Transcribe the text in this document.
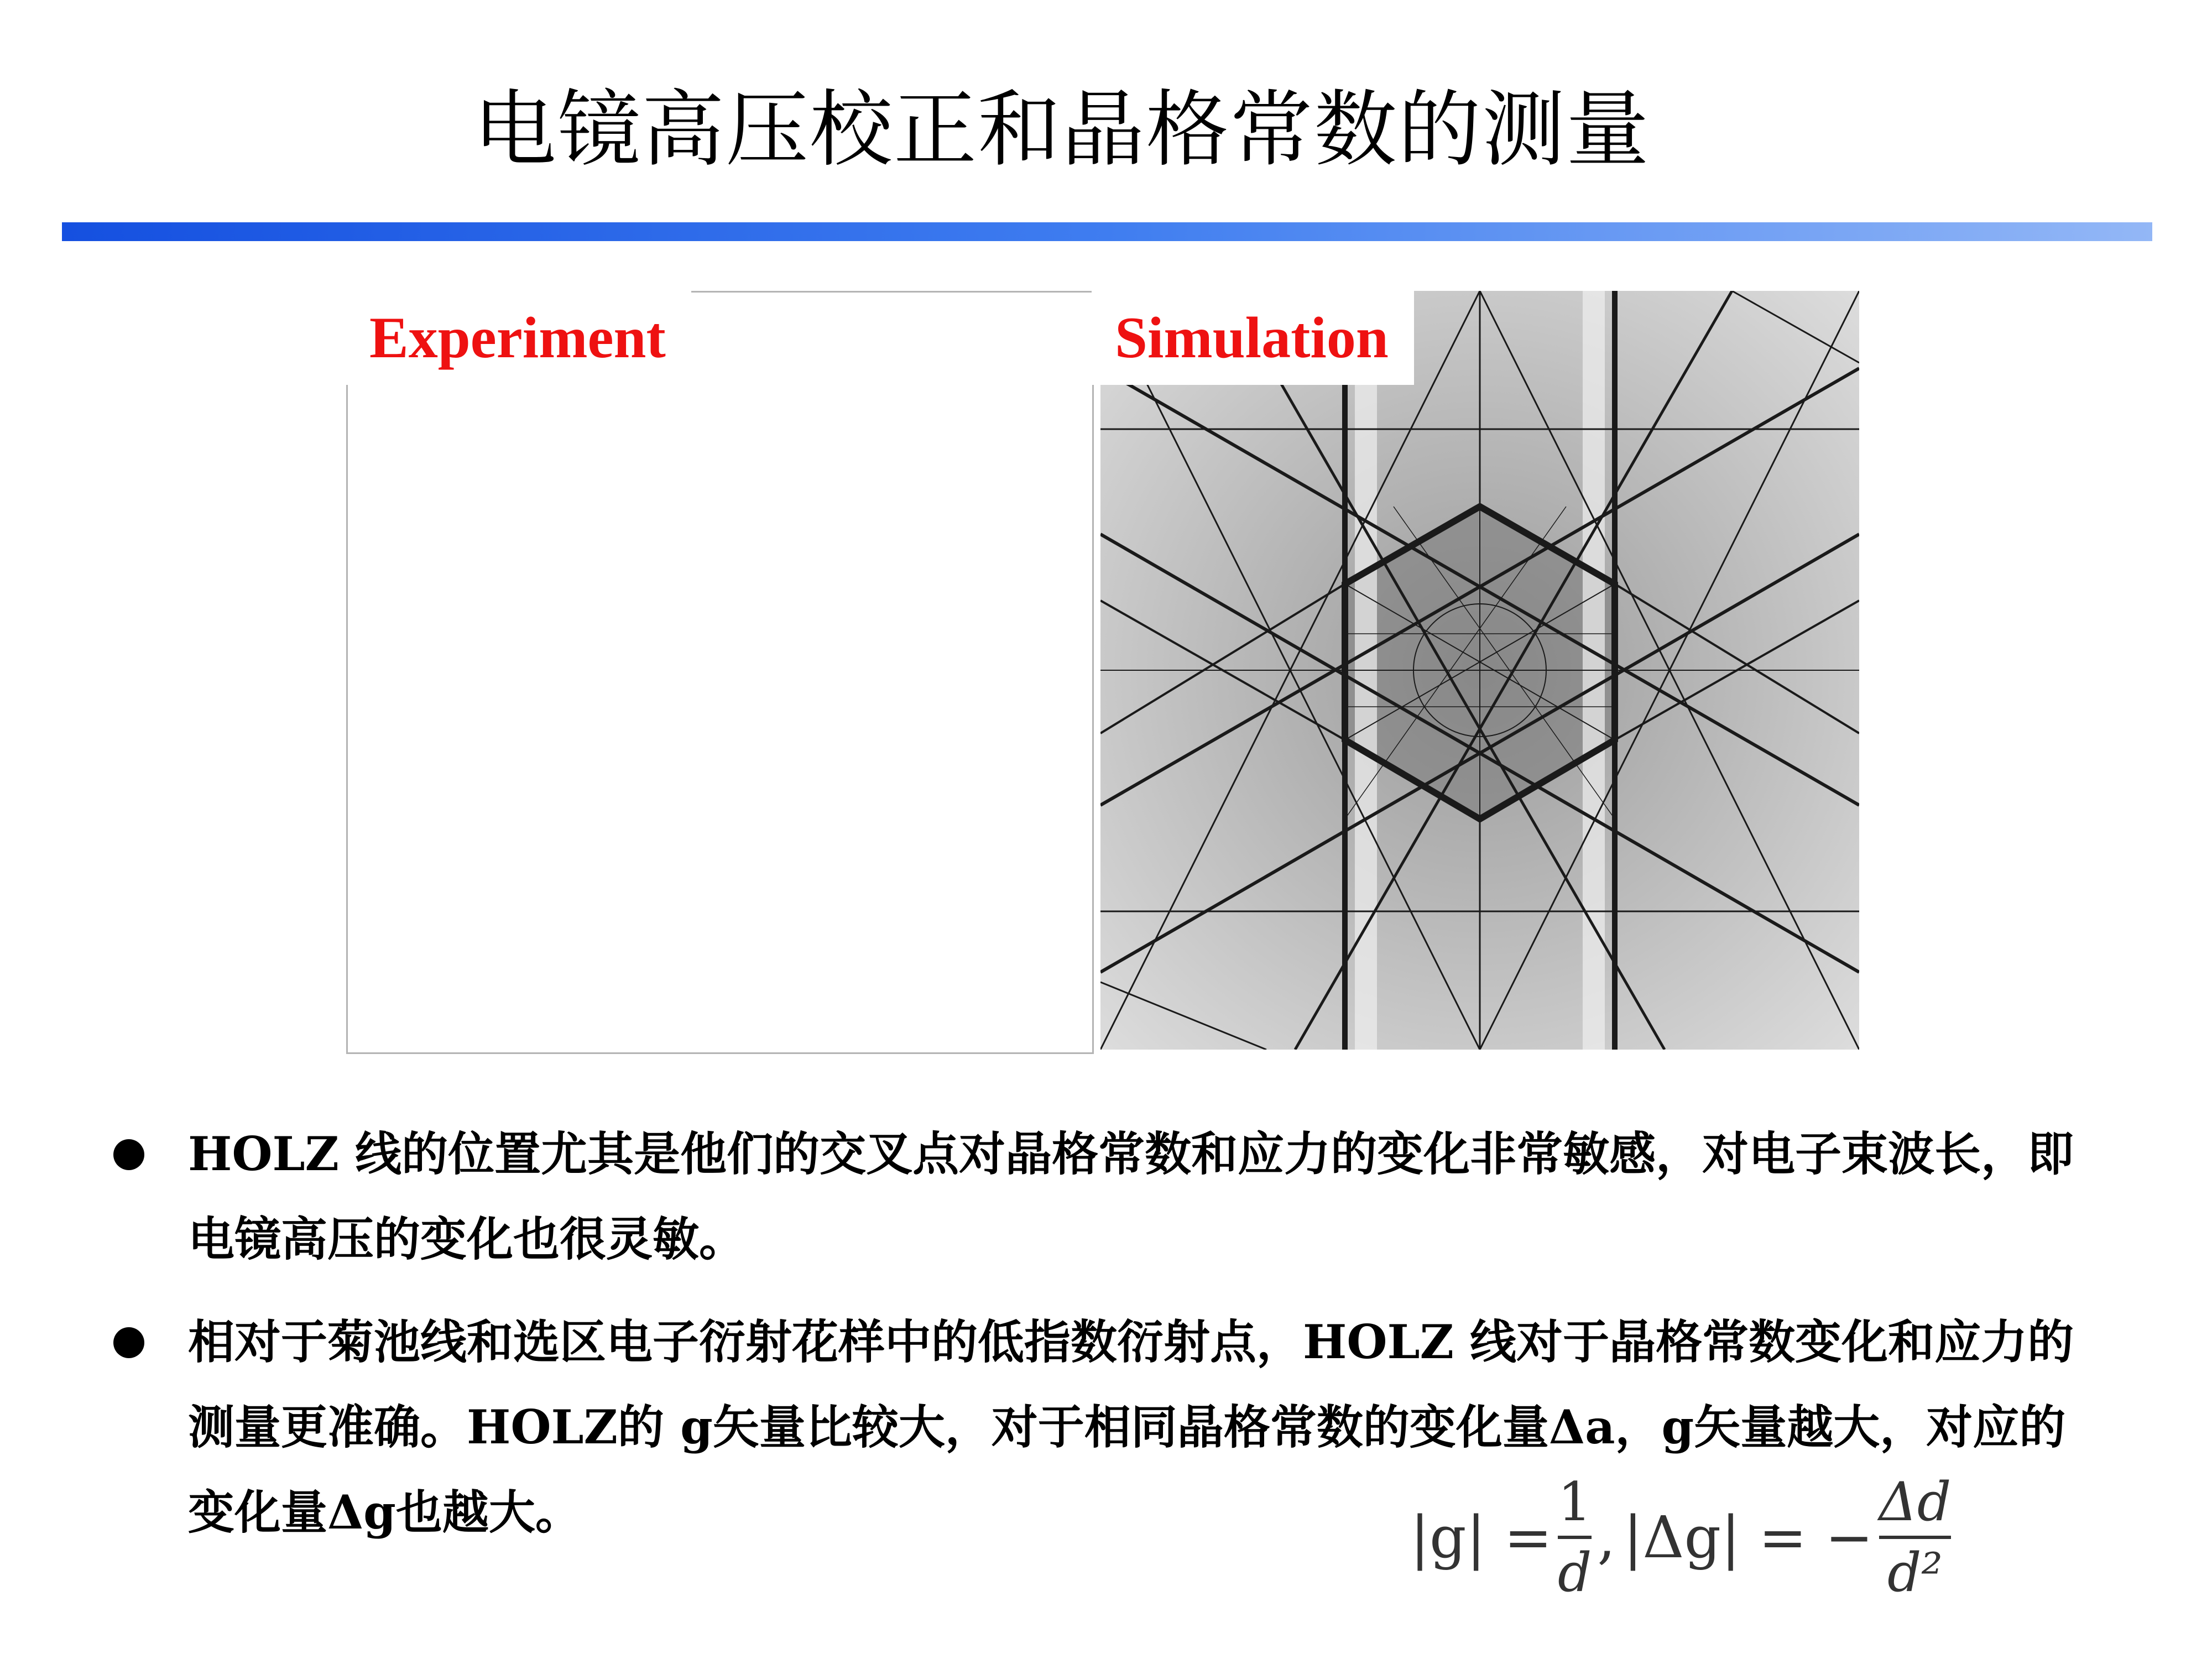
电镜高压校正和晶格常数的测量
Experiment	Simulation
HOLZ 线的位置尤其是他们的交叉点对晶格常数和应力的变化非常敏感，对电子束波长，即电镜高压的变化也很灵敏。
相对于菊池线和选区电子衍射花样中的低指数衍射点，HOLZ 线对于晶格常数变化和应力的测量更准确。HOLZ的 g矢量比较大，对于相同晶格常数的变化量Δa，g矢量越大，对应的变化量Δg也越大。	|g| =
1
d
, |Δg| = −
Δd
d²
